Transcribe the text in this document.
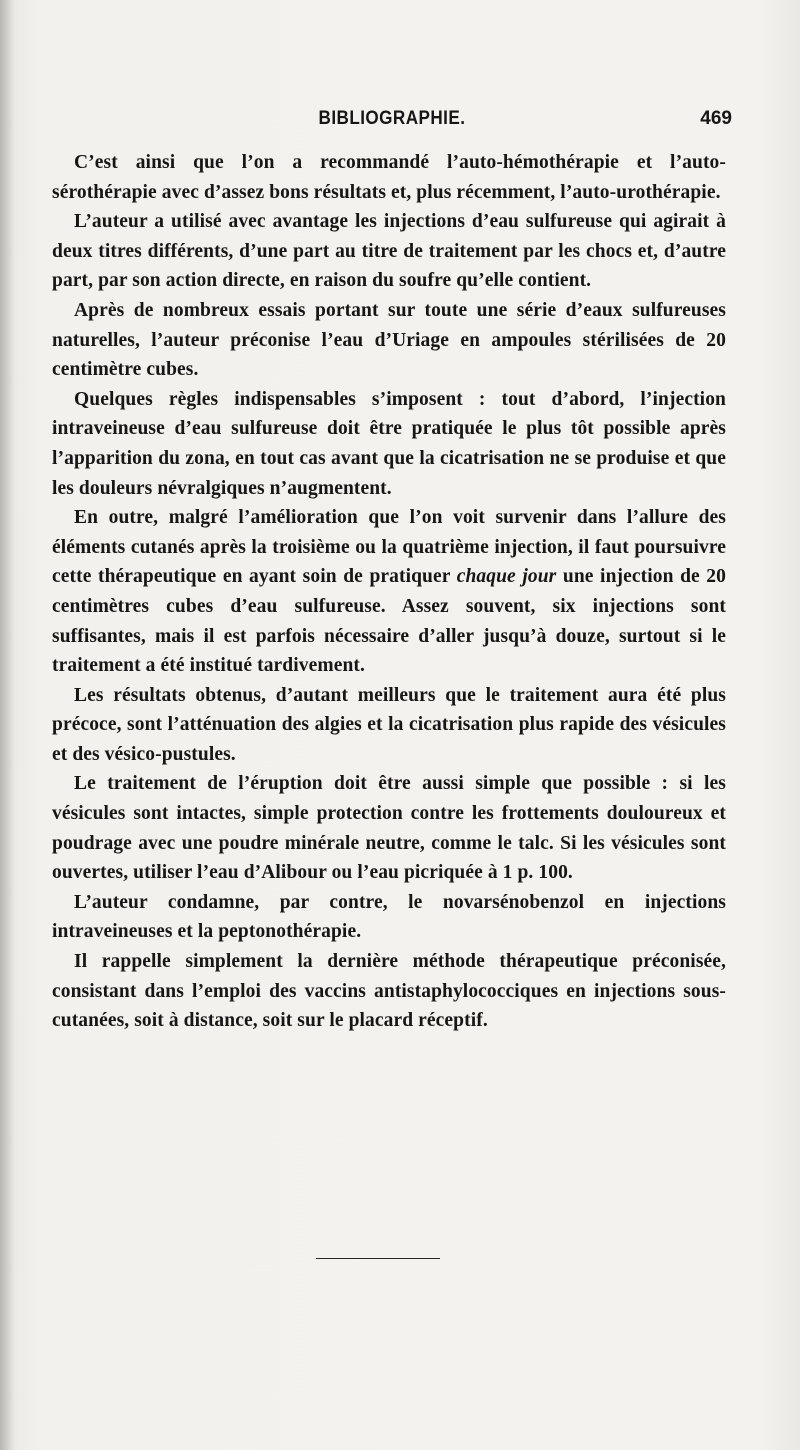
BIBLIOGRAPHIE.	469

C’est ainsi que l’on a recommandé l’auto-hémothérapie et l’auto-sérothérapie avec d’assez bons résultats et, plus récemment, l’auto-urothérapie.

L’auteur a utilisé avec avantage les injections d’eau sulfureuse qui agirait à deux titres différents, d’une part au titre de traitement par les chocs et, d’autre part, par son action directe, en raison du soufre qu’elle contient.

Après de nombreux essais portant sur toute une série d’eaux sulfureuses naturelles, l’auteur préconise l’eau d’Uriage en ampoules stérilisées de 20 centimètre cubes.

Quelques règles indispensables s’imposent : tout d’abord, l’injection intraveineuse d’eau sulfureuse doit être pratiquée le plus tôt possible après l’apparition du zona, en tout cas avant que la cicatrisation ne se produise et que les douleurs névralgiques n’augmentent.

En outre, malgré l’amélioration que l’on voit survenir dans l’allure des éléments cutanés après la troisième ou la quatrième injection, il faut poursuivre cette thérapeutique en ayant soin de pratiquer chaque jour une injection de 20 centimètres cubes d’eau sulfureuse. Assez souvent, six injections sont suffisantes, mais il est parfois nécessaire d’aller jusqu’à douze, surtout si le traitement a été institué tardivement.

Les résultats obtenus, d’autant meilleurs que le traitement aura été plus précoce, sont l’atténuation des algies et la cicatrisation plus rapide des vésicules et des vésico-pustules.

Le traitement de l’éruption doit être aussi simple que possible : si les vésicules sont intactes, simple protection contre les frottements douloureux et poudrage avec une poudre minérale neutre, comme le talc. Si les vésicules sont ouvertes, utiliser l’eau d’Alibour ou l’eau picriquée à 1 p. 100.

L’auteur condamne, par contre, le novarsénobenzol en injections intraveineuses et la peptonothérapie.

Il rappelle simplement la dernière méthode thérapeutique préconisée, consistant dans l’emploi des vaccins antistaphylococciques en injections sous-cutanées, soit à distance, soit sur le placard réceptif.
